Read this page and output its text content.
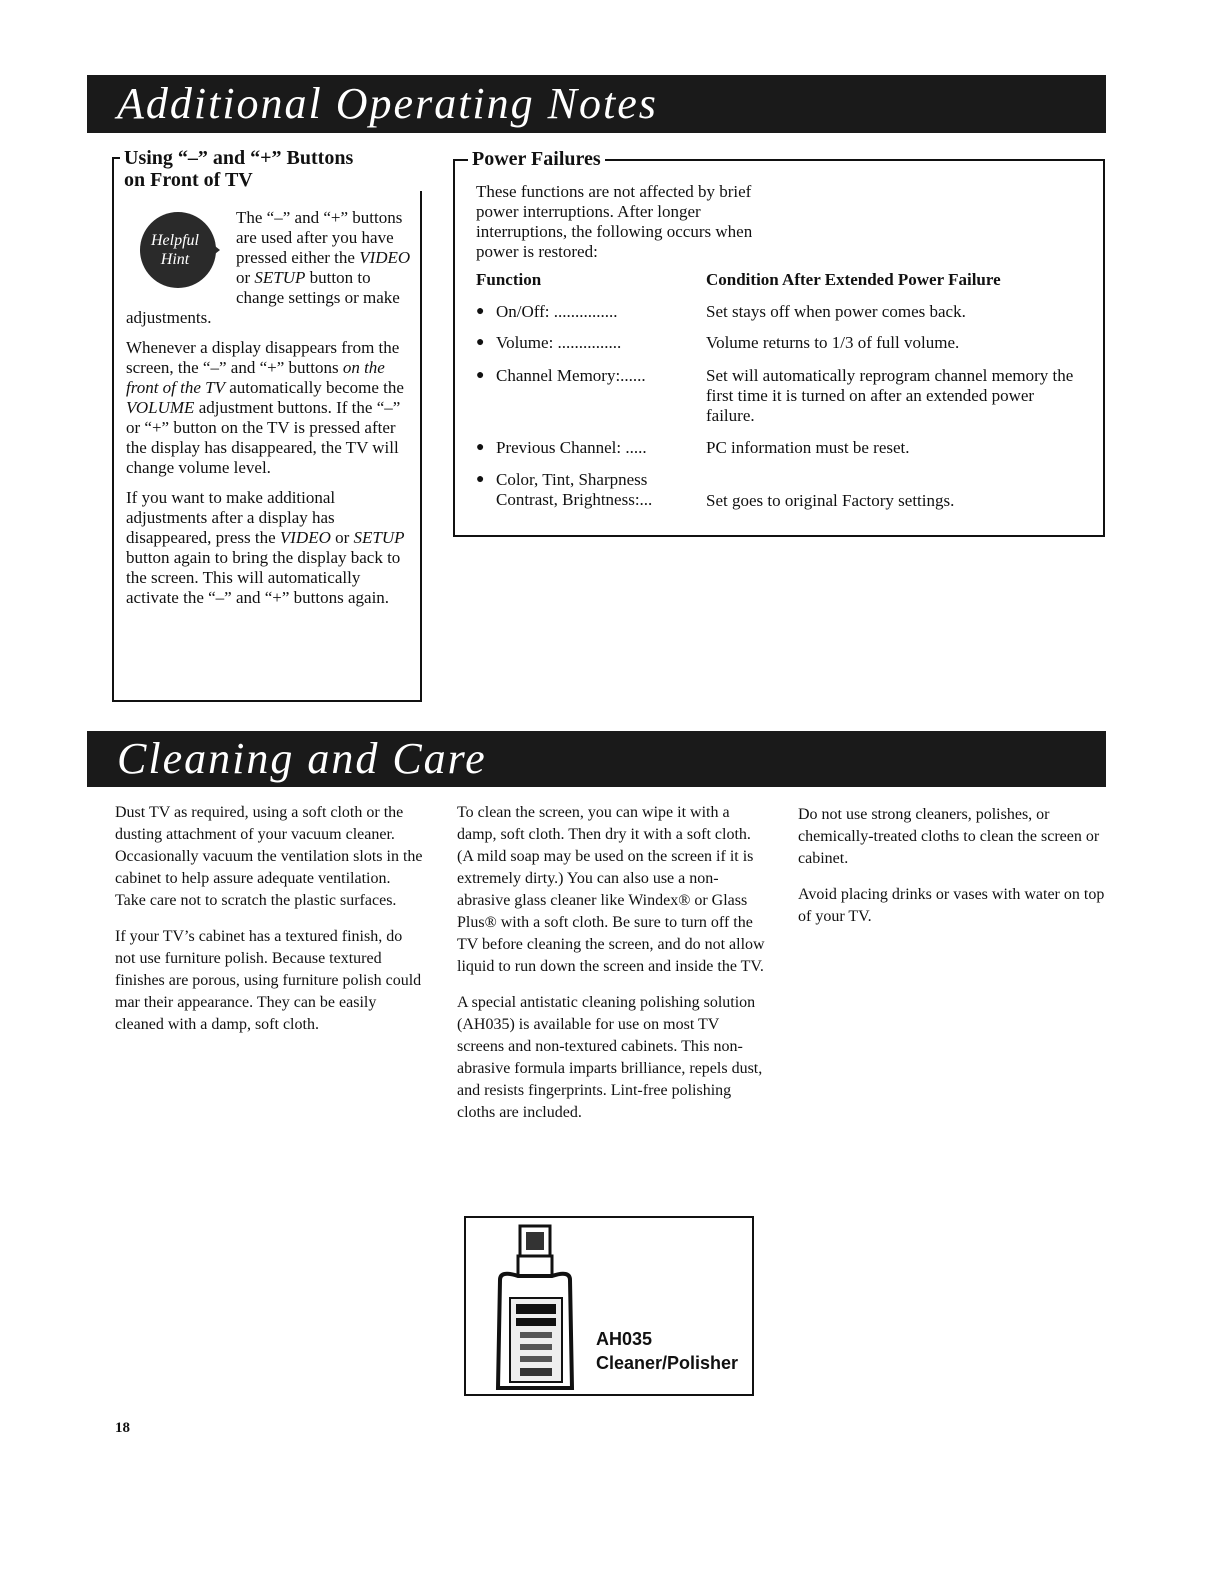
Additional Operating Notes
Using “–” and “+” Buttons
on Front of TV
Helpful Hint

The “–” and “+” buttons are used after you have pressed either the VIDEO or SETUP button to change settings or make adjustments.

Whenever a display disappears from the screen, the “–” and “+” buttons on the front of the TV automatically become the VOLUME adjustment buttons. If the “–” or “+” button on the TV is pressed after the display has disappeared, the TV will change volume level.

If you want to make additional adjustments after a display has disappeared, press the VIDEO or SETUP button again to bring the display back to the screen. This will automatically activate the “–” and “+” buttons again.

Power Failures
These functions are not affected by brief power interruptions. After longer interruptions, the following occurs when power is restored:
Function	Condition After Extended Power Failure
● On/Off: ...............	Set stays off when power comes back.
● Volume: ...............	Volume returns to 1/3 of full volume.
● Channel Memory:......	Set will automatically reprogram channel memory the first time it is turned on after an extended power failure.
● Previous Channel: .....	PC information must be reset.
● Color, Tint, Sharpness Contrast, Brightness:...	Set goes to original Factory settings.
Cleaning and Care

Dust TV as required, using a soft cloth or the dusting attachment of your vacuum cleaner. Occasionally vacuum the ventilation slots in the cabinet to help assure adequate ventilation. Take care not to scratch the plastic surfaces.

If your TV’s cabinet has a textured finish, do not use furniture polish. Because textured finishes are porous, using furniture polish could mar their appearance. They can be easily cleaned with a damp, soft cloth.

To clean the screen, you can wipe it with a damp, soft cloth. Then dry it with a soft cloth. (A mild soap may be used on the screen if it is extremely dirty.) You can also use a non-abrasive glass cleaner like Windex® or Glass Plus® with a soft cloth. Be sure to turn off the TV before cleaning the screen, and do not allow liquid to run down the screen and inside the TV.

A special antistatic cleaning polishing solution (AH035) is available for use on most TV screens and non-textured cabinets. This non-abrasive formula imparts brilliance, repels dust, and resists fingerprints. Lint-free polishing cloths are included.

Do not use strong cleaners, polishes, or chemically-treated cloths to clean the screen or cabinet.

Avoid placing drinks or vases with water on top of your TV.

AH035
Cleaner/Polisher
18
